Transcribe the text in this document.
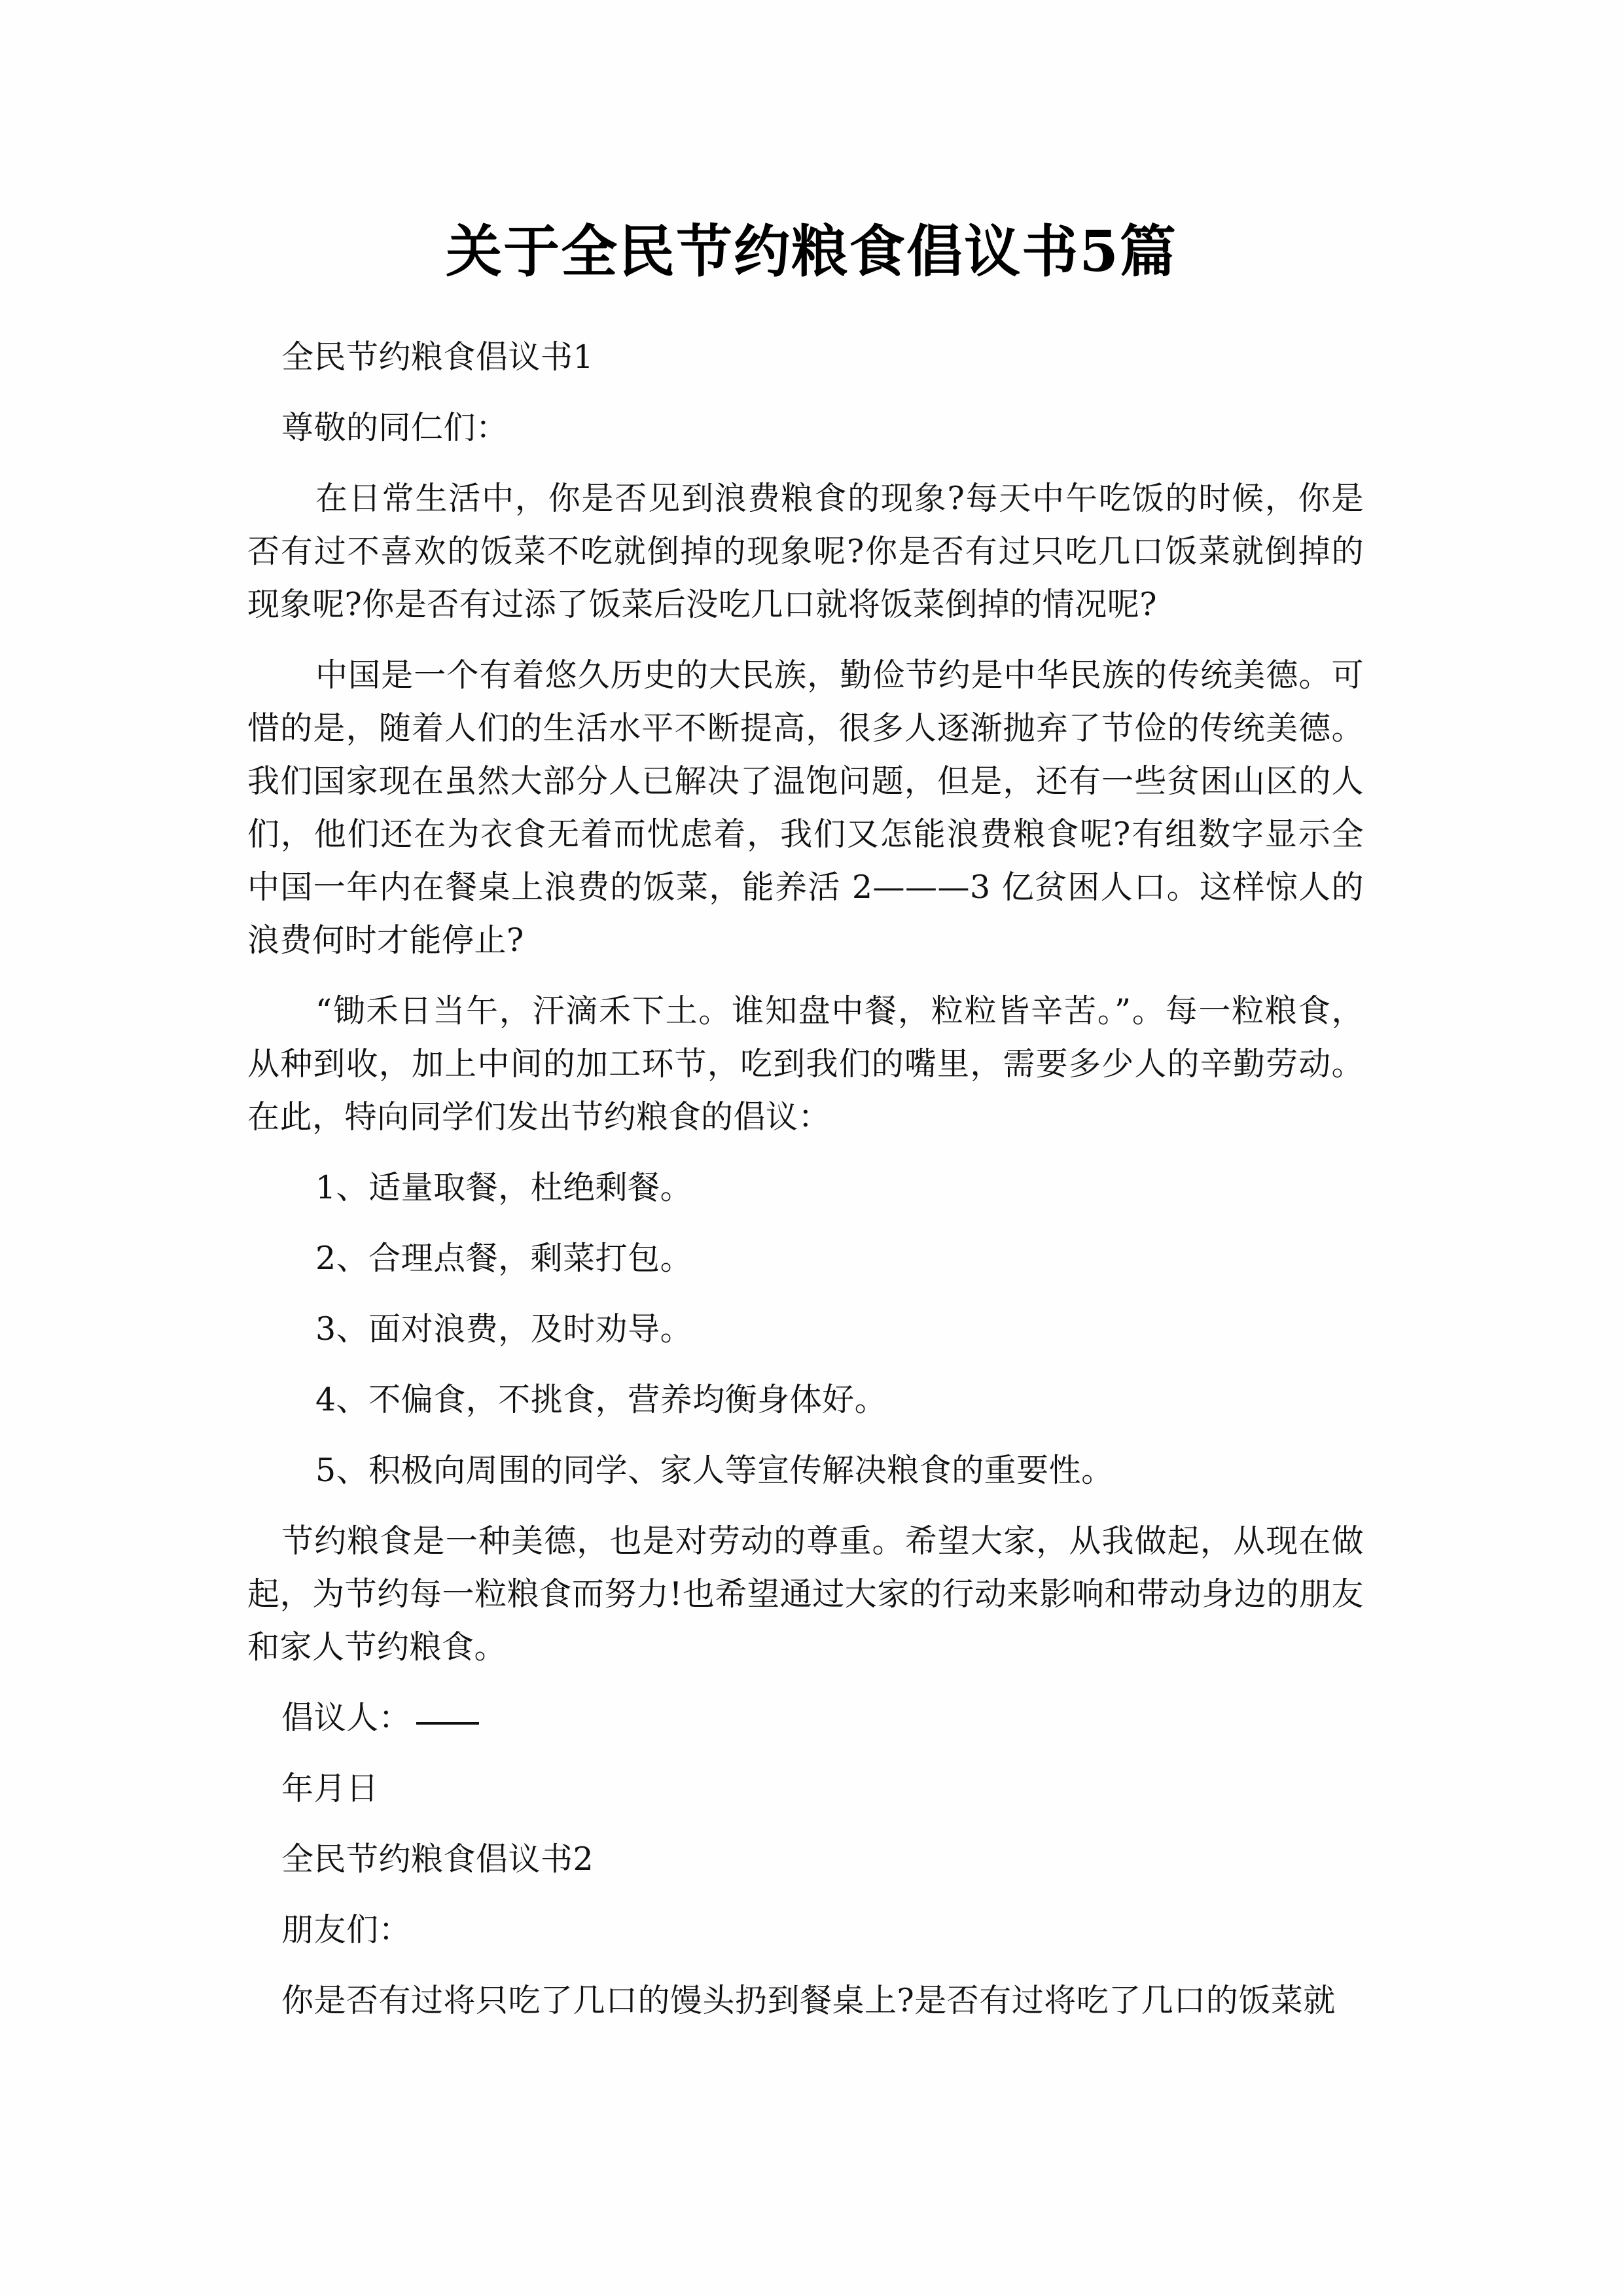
关于全民节约粮食倡议书5篇

全民节约粮食倡议书1

尊敬的同仁们：

在日常生活中，你是否见到浪费粮食的现象?每天中午吃饭的时候，你是否有过不喜欢的饭菜不吃就倒掉的现象呢?你是否有过只吃几口饭菜就倒掉的现象呢?你是否有过添了饭菜后没吃几口就将饭菜倒掉的情况呢?

中国是一个有着悠久历史的大民族，勤俭节约是中华民族的传统美德。可惜的是，随着人们的生活水平不断提高，很多人逐渐抛弃了节俭的传统美德。我们国家现在虽然大部分人已解决了温饱问题，但是，还有一些贫困山区的人们，他们还在为衣食无着而忧虑着，我们又怎能浪费粮食呢?有组数字显示全中国一年内在餐桌上浪费的饭菜，能养活 2———3 亿贫困人口。这样惊人的浪费何时才能停止?

“锄禾日当午，汗滴禾下土。谁知盘中餐，粒粒皆辛苦。”。每一粒粮食，从种到收，加上中间的加工环节，吃到我们的嘴里，需要多少人的辛勤劳动。在此，特向同学们发出节约粮食的倡议：

1、适量取餐，杜绝剩餐。

2、合理点餐，剩菜打包。

3、面对浪费，及时劝导。

4、不偏食，不挑食，营养均衡身体好。

5、积极向周围的同学、家人等宣传解决粮食的重要性。

节约粮食是一种美德，也是对劳动的尊重。希望大家，从我做起，从现在做起，为节约每一粒粮食而努力!也希望通过大家的行动来影响和带动身边的朋友和家人节约粮食。

倡议人：

年月日

全民节约粮食倡议书2

朋友们：

你是否有过将只吃了几口的馒头扔到餐桌上?是否有过将吃了几口的饭菜就
